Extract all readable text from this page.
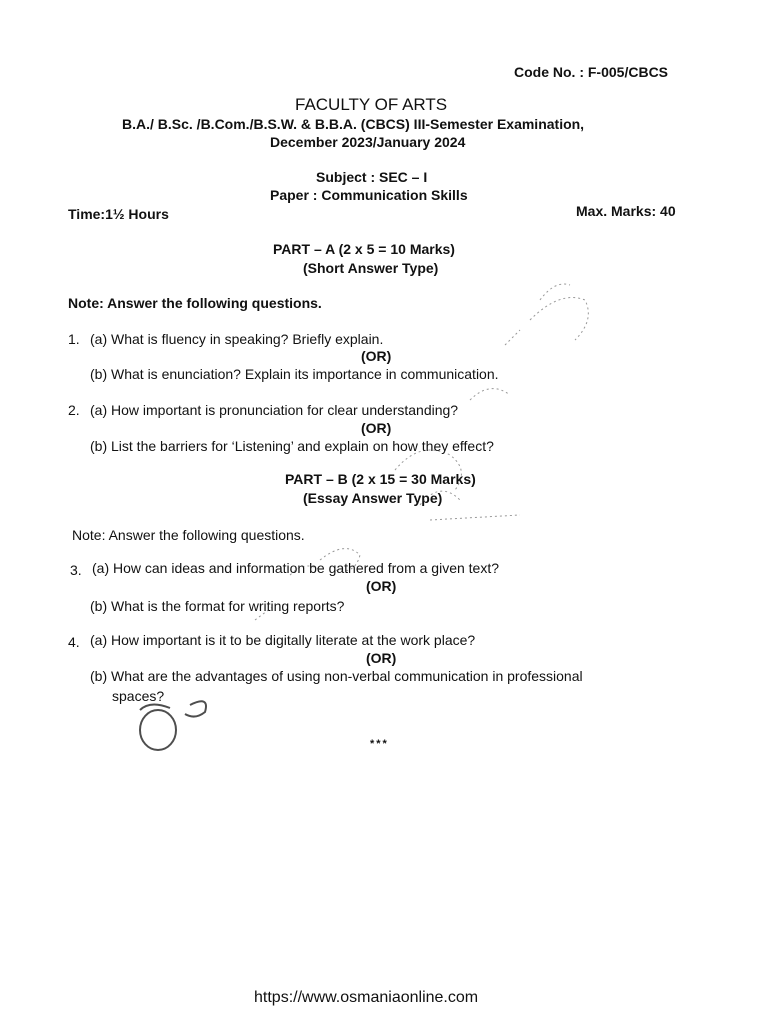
Code No. : F-005/CBCS
FACULTY OF ARTS
B.A./ B.Sc. /B.Com./B.S.W. & B.B.A. (CBCS) III-Semester Examination,
December 2023/January 2024
Subject : SEC – I
Paper : Communication Skills
Time:1½ Hours	Max. Marks: 40
PART – A (2 x 5 = 10 Marks)
(Short Answer Type)
Note: Answer the following questions.
1. (a) What is fluency in speaking? Briefly explain.
(OR)
(b) What is enunciation? Explain its importance in communication.
2. (a) How important is pronunciation for clear understanding?
(OR)
(b) List the barriers for ‘Listening’ and explain on how they effect?
PART – B (2 x 15 = 30 Marks)
(Essay Answer Type)
Note: Answer the following questions.
3. (a) How can ideas and information be gathered from a given text?
(OR)
(b) What is the format for writing reports?
4. (a) How important is it to be digitally literate at the work place?
(OR)
(b) What are the advantages of using non-verbal communication in professional
spaces?
***
https://www.osmaniaonline.com
